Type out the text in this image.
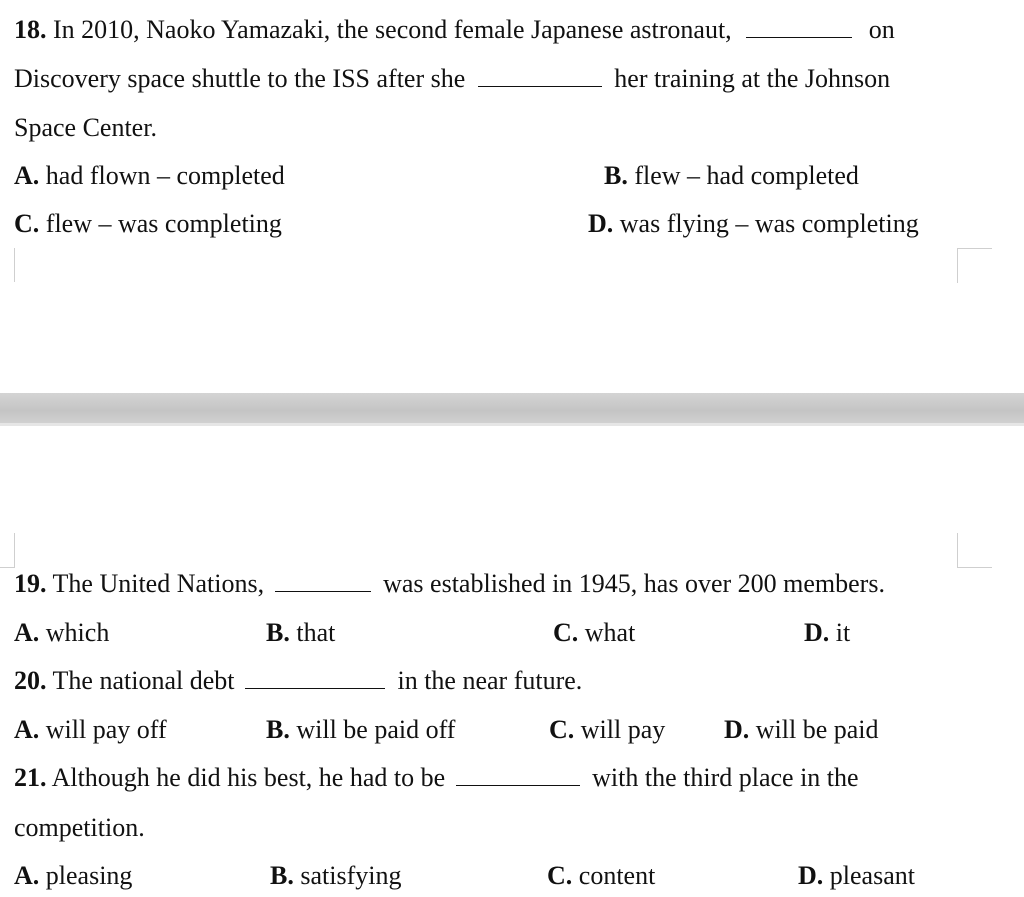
18. In 2010, Naoko Yamazaki, the second female Japanese astronaut,	on
Discovery space shuttle to the ISS after she	her training at the Johnson
Space Center.
A. had flown – completed	B. flew – had completed
C. flew – was completing	D. was flying – was completing
19. The United Nations,	was established in 1945, has over 200 members.
A. which	B. that	C. what	D. it
20. The national debt	in the near future.
A. will pay off	B. will be paid off	C. will pay D. will be paid
21. Although he did his best, he had to be	with the third place in the
competition.
A. pleasing	B. satisfying	C. content	D. pleasant
